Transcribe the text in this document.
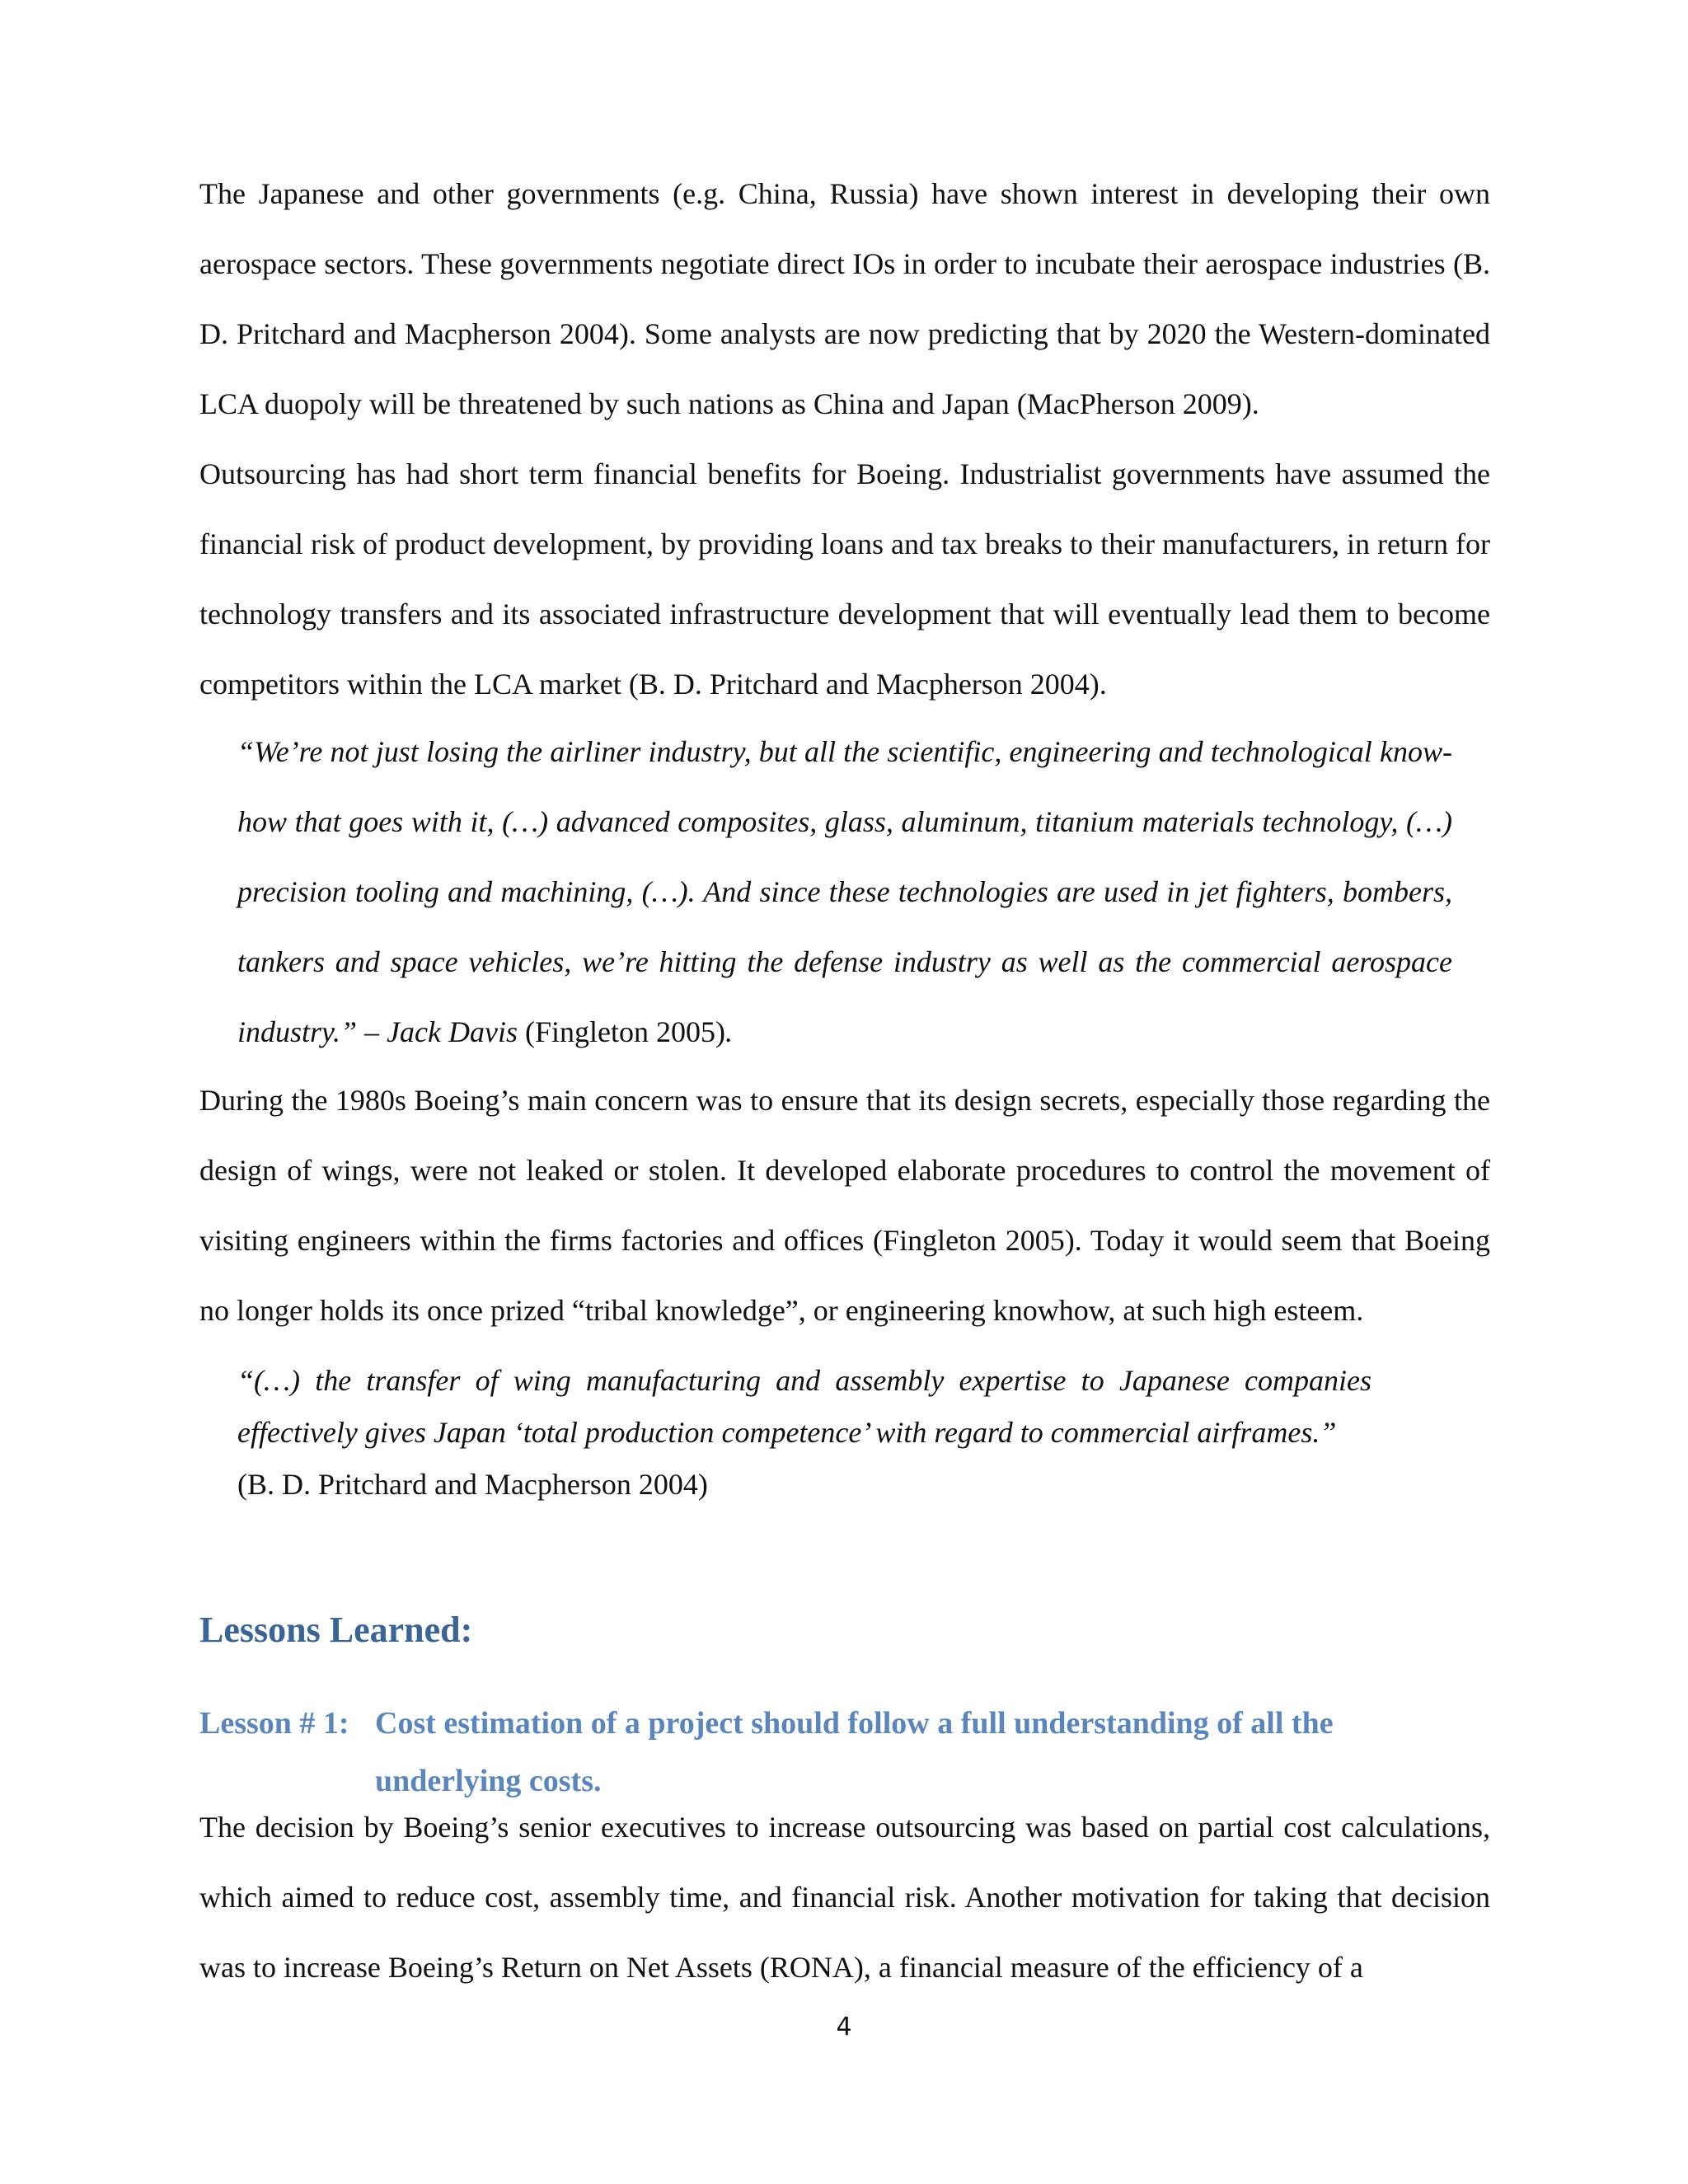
The Japanese and other governments (e.g. China, Russia) have shown interest in developing their own aerospace sectors. These governments negotiate direct IOs in order to incubate their aerospace industries (B. D. Pritchard and Macpherson 2004). Some analysts are now predicting that by 2020 the Western-dominated LCA duopoly will be threatened by such nations as China and Japan (MacPherson 2009).

Outsourcing has had short term financial benefits for Boeing. Industrialist governments have assumed the financial risk of product development, by providing loans and tax breaks to their manufacturers, in return for technology transfers and its associated infrastructure development that will eventually lead them to become competitors within the LCA market (B. D. Pritchard and Macpherson 2004).

“We’re not just losing the airliner industry, but all the scientific, engineering and technological know-how that goes with it, (…) advanced composites, glass, aluminum, titanium materials technology, (…) precision tooling and machining, (…). And since these technologies are used in jet fighters, bombers, tankers and space vehicles, we’re hitting the defense industry as well as the commercial aerospace industry.” – Jack Davis (Fingleton 2005).

During the 1980s Boeing’s main concern was to ensure that its design secrets, especially those regarding the design of wings, were not leaked or stolen. It developed elaborate procedures to control the movement of visiting engineers within the firms factories and offices (Fingleton 2005). Today it would seem that Boeing no longer holds its once prized “tribal knowledge”, or engineering knowhow, at such high esteem.

“(…) the transfer of wing manufacturing and assembly expertise to Japanese companies effectively gives Japan ‘total production competence’ with regard to commercial airframes.”

(B. D. Pritchard and Macpherson 2004)

Lessons Learned:
Lesson # 1: Cost estimation of a project should follow a full understanding of all the underlying costs.

The decision by Boeing’s senior executives to increase outsourcing was based on partial cost calculations, which aimed to reduce cost, assembly time, and financial risk. Another motivation for taking that decision was to increase Boeing’s Return on Net Assets (RONA), a financial measure of the efficiency of a

4
